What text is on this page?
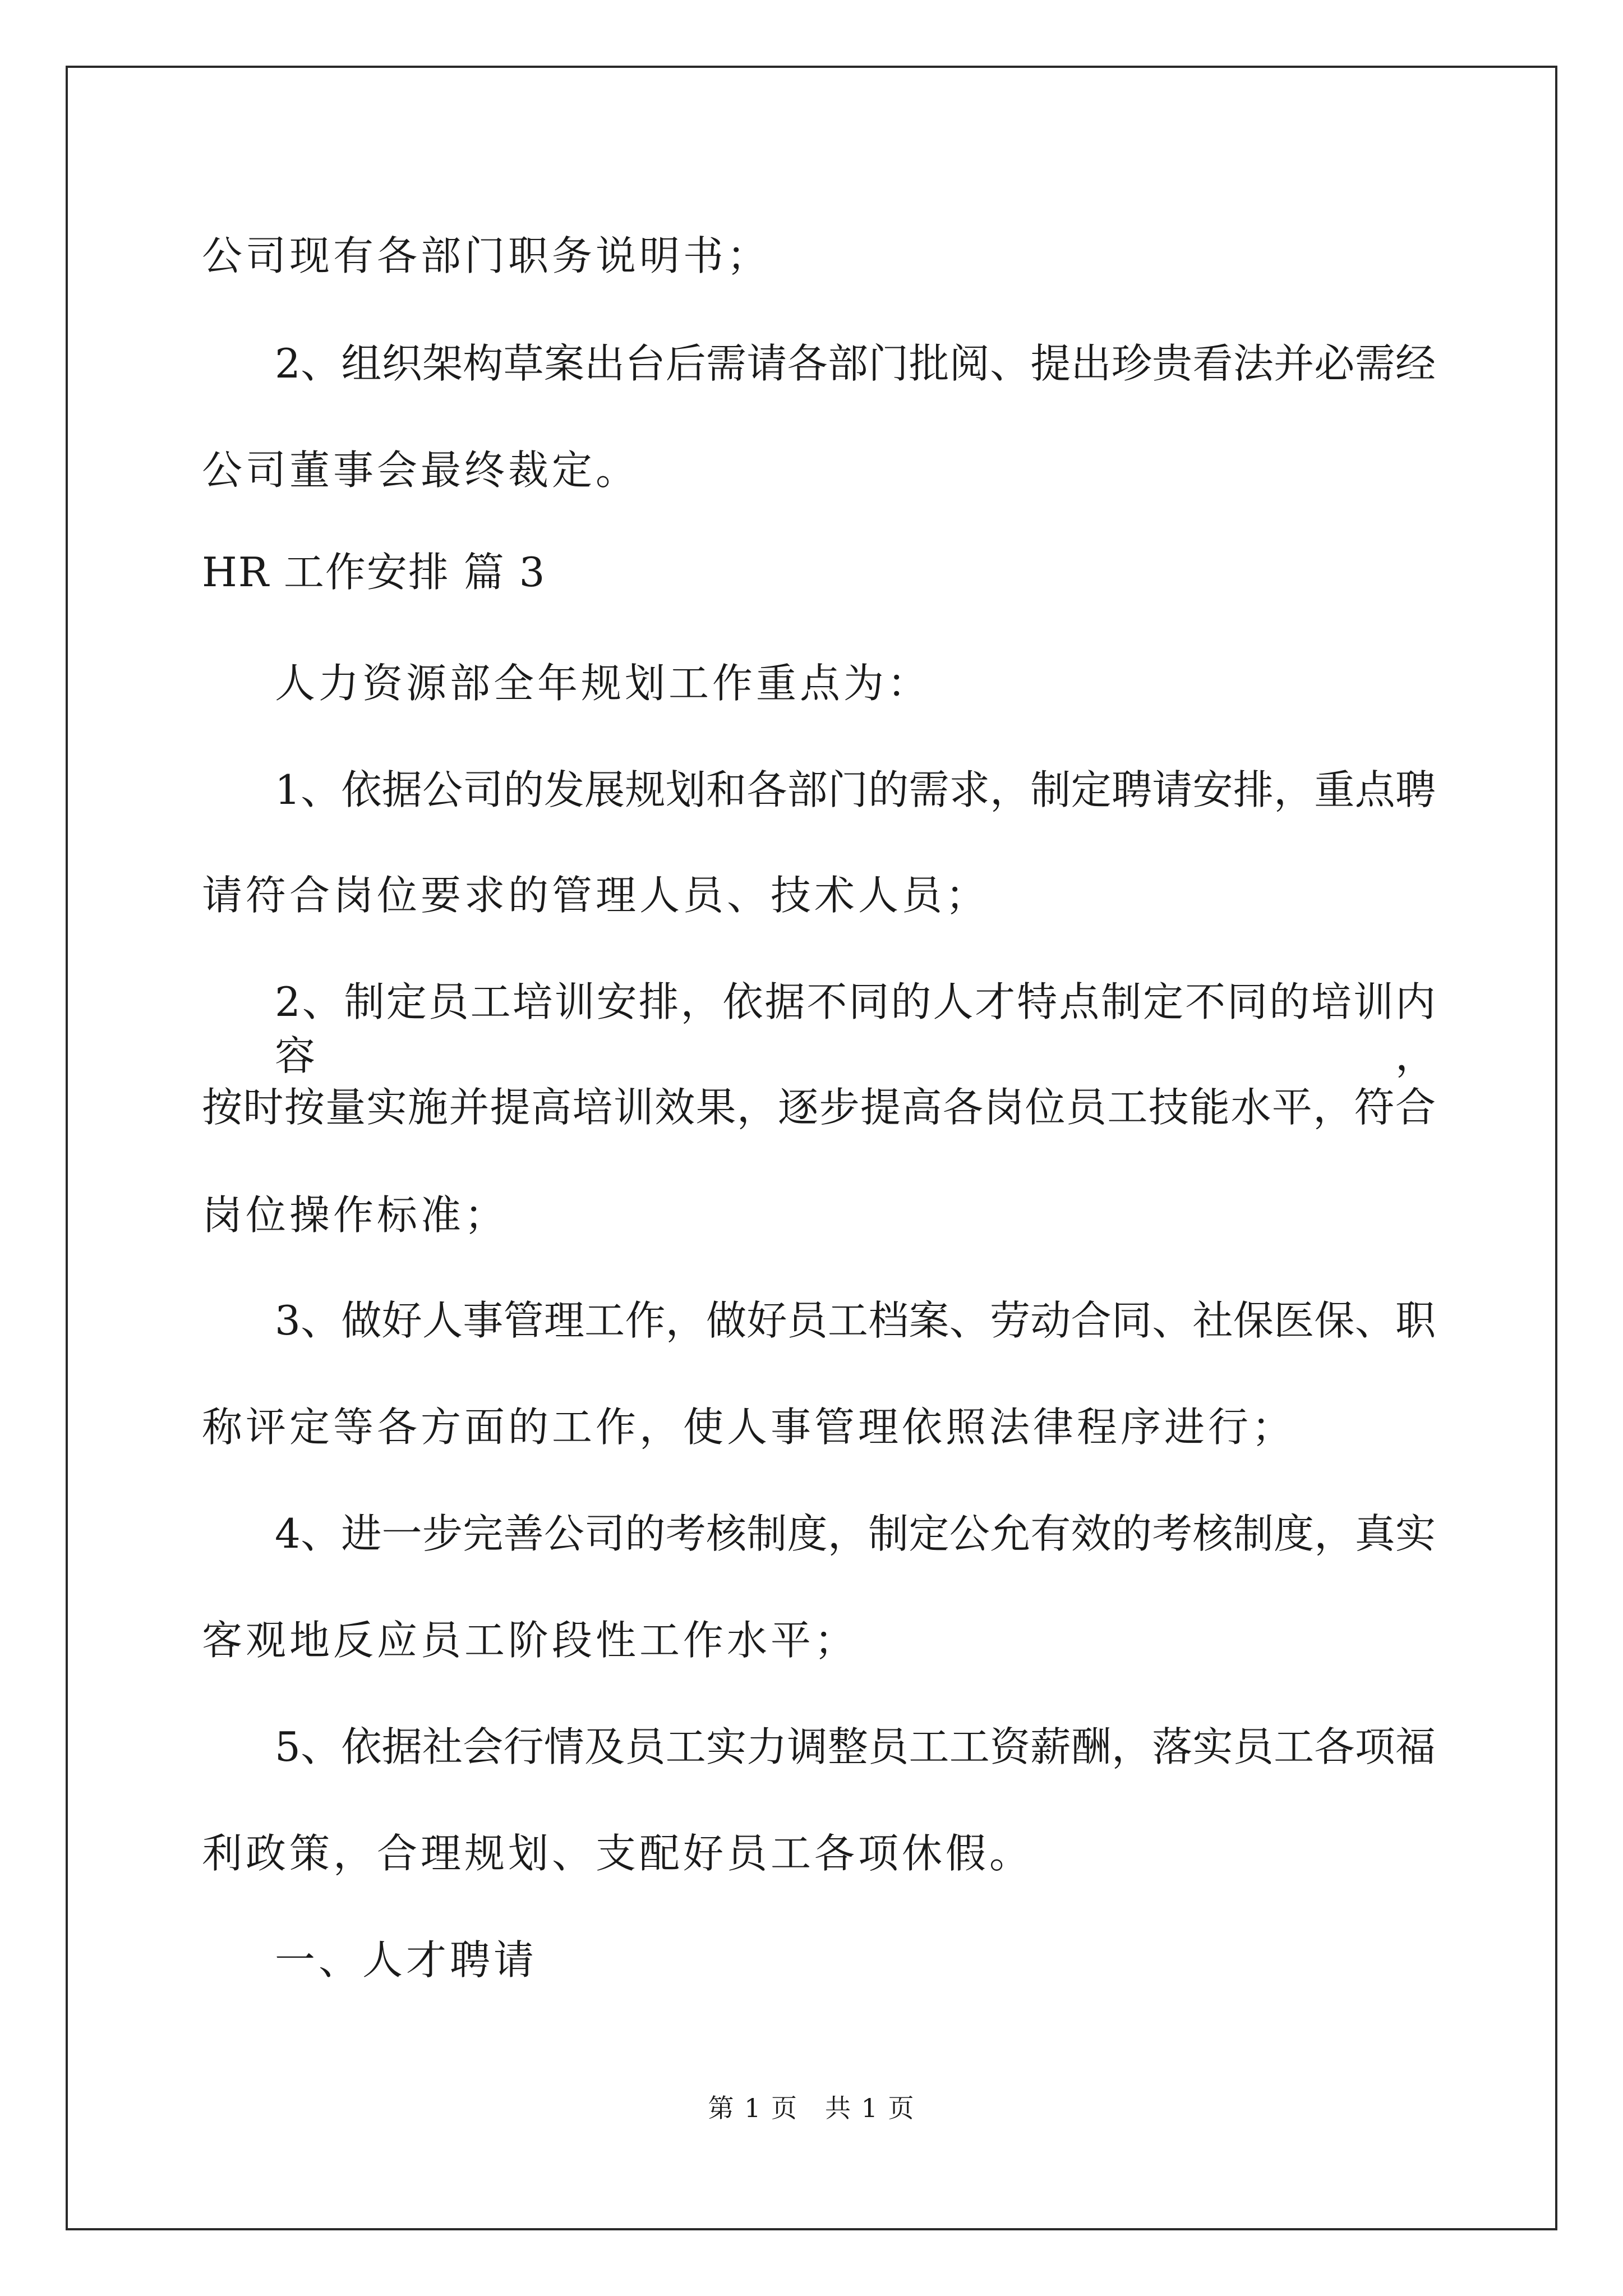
公司现有各部门职务说明书；
2、组织架构草案出台后需请各部门批阅、提出珍贵看法并必需经
公司董事会最终裁定。
HR 工作安排 篇 3
人力资源部全年规划工作重点为：
1、依据公司的发展规划和各部门的需求，制定聘请安排，重点聘
请符合岗位要求的管理人员、技术人员；
2、制定员工培训安排，依据不同的人才特点制定不同的培训内容，
按时按量实施并提高培训效果，逐步提高各岗位员工技能水平，符合
岗位操作标准；
3、做好人事管理工作，做好员工档案、劳动合同、社保医保、职
称评定等各方面的工作，使人事管理依照法律程序进行；
4、进一步完善公司的考核制度，制定公允有效的考核制度，真实
客观地反应员工阶段性工作水平；
5、依据社会行情及员工实力调整员工工资薪酬，落实员工各项福
利政策，合理规划、支配好员工各项休假。
一、人才聘请
第 1 页　共 1 页
